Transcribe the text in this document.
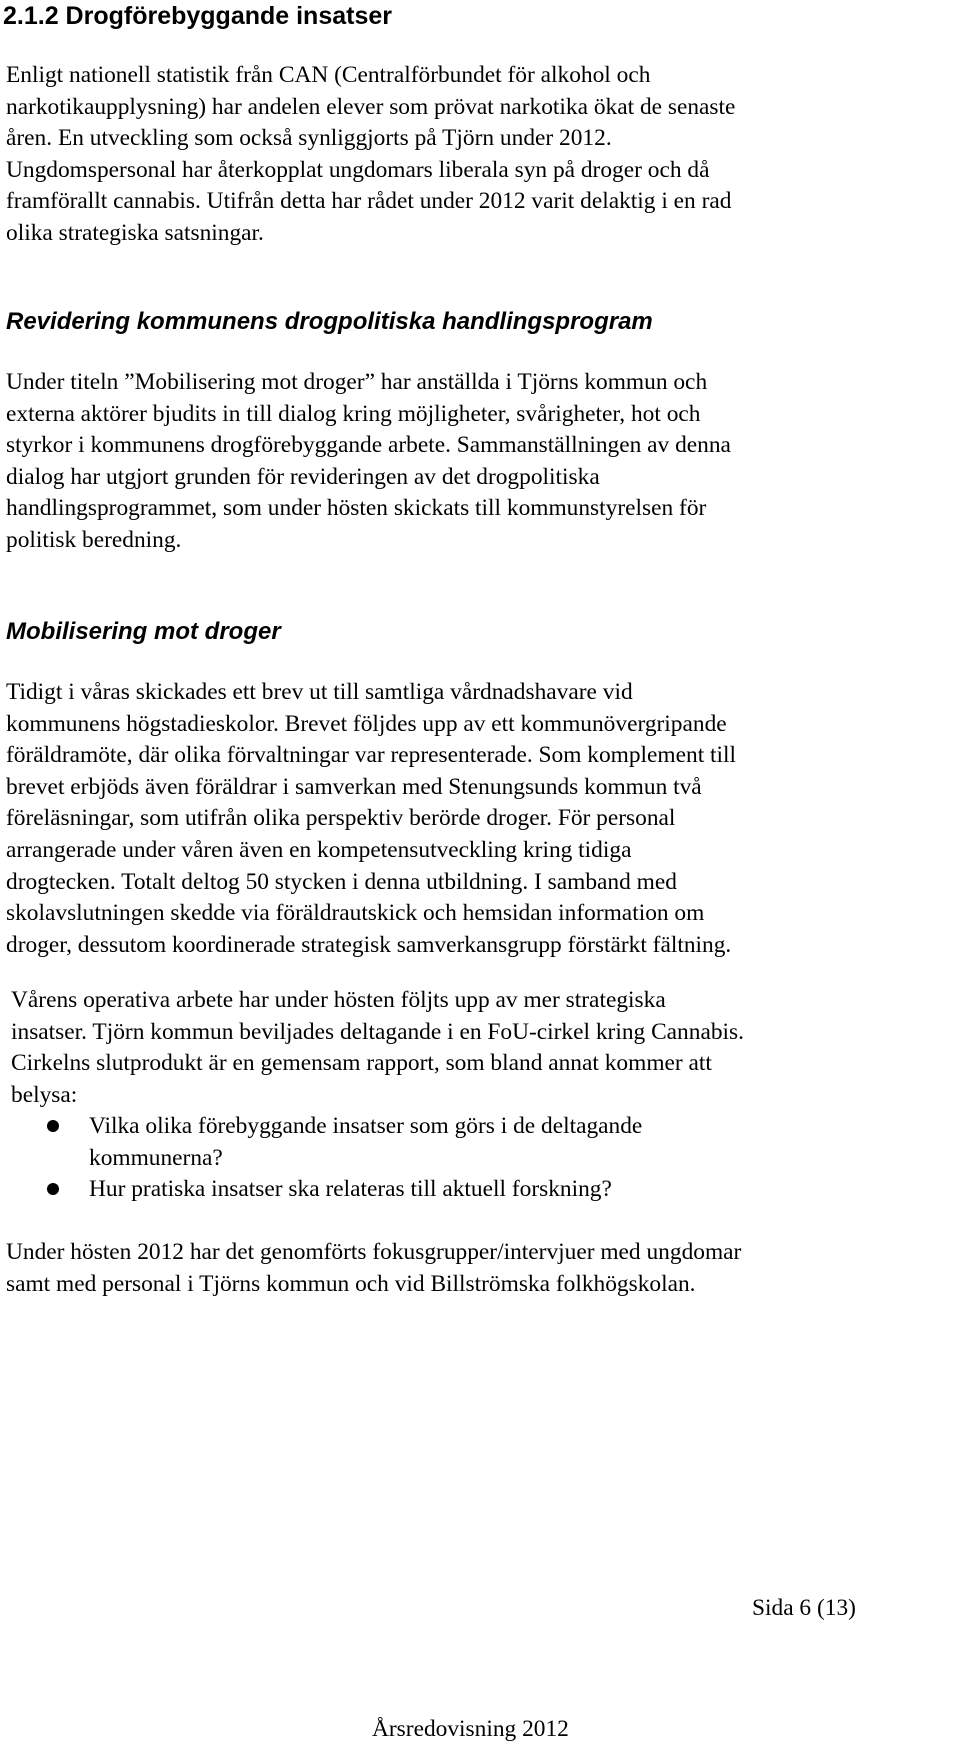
2.1.2 Drogförebyggande insatser

Enligt nationell statistik från CAN (Centralförbundet för alkohol och
narkotikaupplysning) har andelen elever som prövat narkotika ökat de senaste
åren. En utveckling som också synliggjorts på Tjörn under 2012.
Ungdomspersonal har återkopplat ungdomars liberala syn på droger och då
framförallt cannabis. Utifrån detta har rådet under 2012 varit delaktig i en rad
olika strategiska satsningar.

Revidering kommunens drogpolitiska handlingsprogram

Under titeln ”Mobilisering mot droger” har anställda i Tjörns kommun och
externa aktörer bjudits in till dialog kring möjligheter, svårigheter, hot och
styrkor i kommunens drogförebyggande arbete. Sammanställningen av denna
dialog har utgjort grunden för revideringen av det drogpolitiska
handlingsprogrammet, som under hösten skickats till kommunstyrelsen för
politisk beredning.

Mobilisering mot droger

Tidigt i våras skickades ett brev ut till samtliga vårdnadshavare vid
kommunens högstadieskolor. Brevet följdes upp av ett kommunövergripande
föräldramöte, där olika förvaltningar var representerade. Som komplement till
brevet erbjöds även föräldrar i samverkan med Stenungsunds kommun två
föreläsningar, som utifrån olika perspektiv berörde droger. För personal
arrangerade under våren även en kompetensutveckling kring tidiga
drogtecken. Totalt deltog 50 stycken i denna utbildning. I samband med
skolavslutningen skedde via föräldrautskick och hemsidan information om
droger, dessutom koordinerade strategisk samverkansgrupp förstärkt fältning.

Vårens operativa arbete har under hösten följts upp av mer strategiska
insatser. Tjörn kommun beviljades deltagande i en FoU-cirkel kring Cannabis.
Cirkelns slutprodukt är en gemensam rapport, som bland annat kommer att
belysa:

Vilka olika förebyggande insatser som görs i de deltagande
kommunerna?
Hur pratiska insatser ska relateras till aktuell forskning?

Under hösten 2012 har det genomförts fokusgrupper/intervjuer med ungdomar
samt med personal i Tjörns kommun och vid Billströmska folkhögskolan.

Sida 6 (13)
Årsredovisning 2012
